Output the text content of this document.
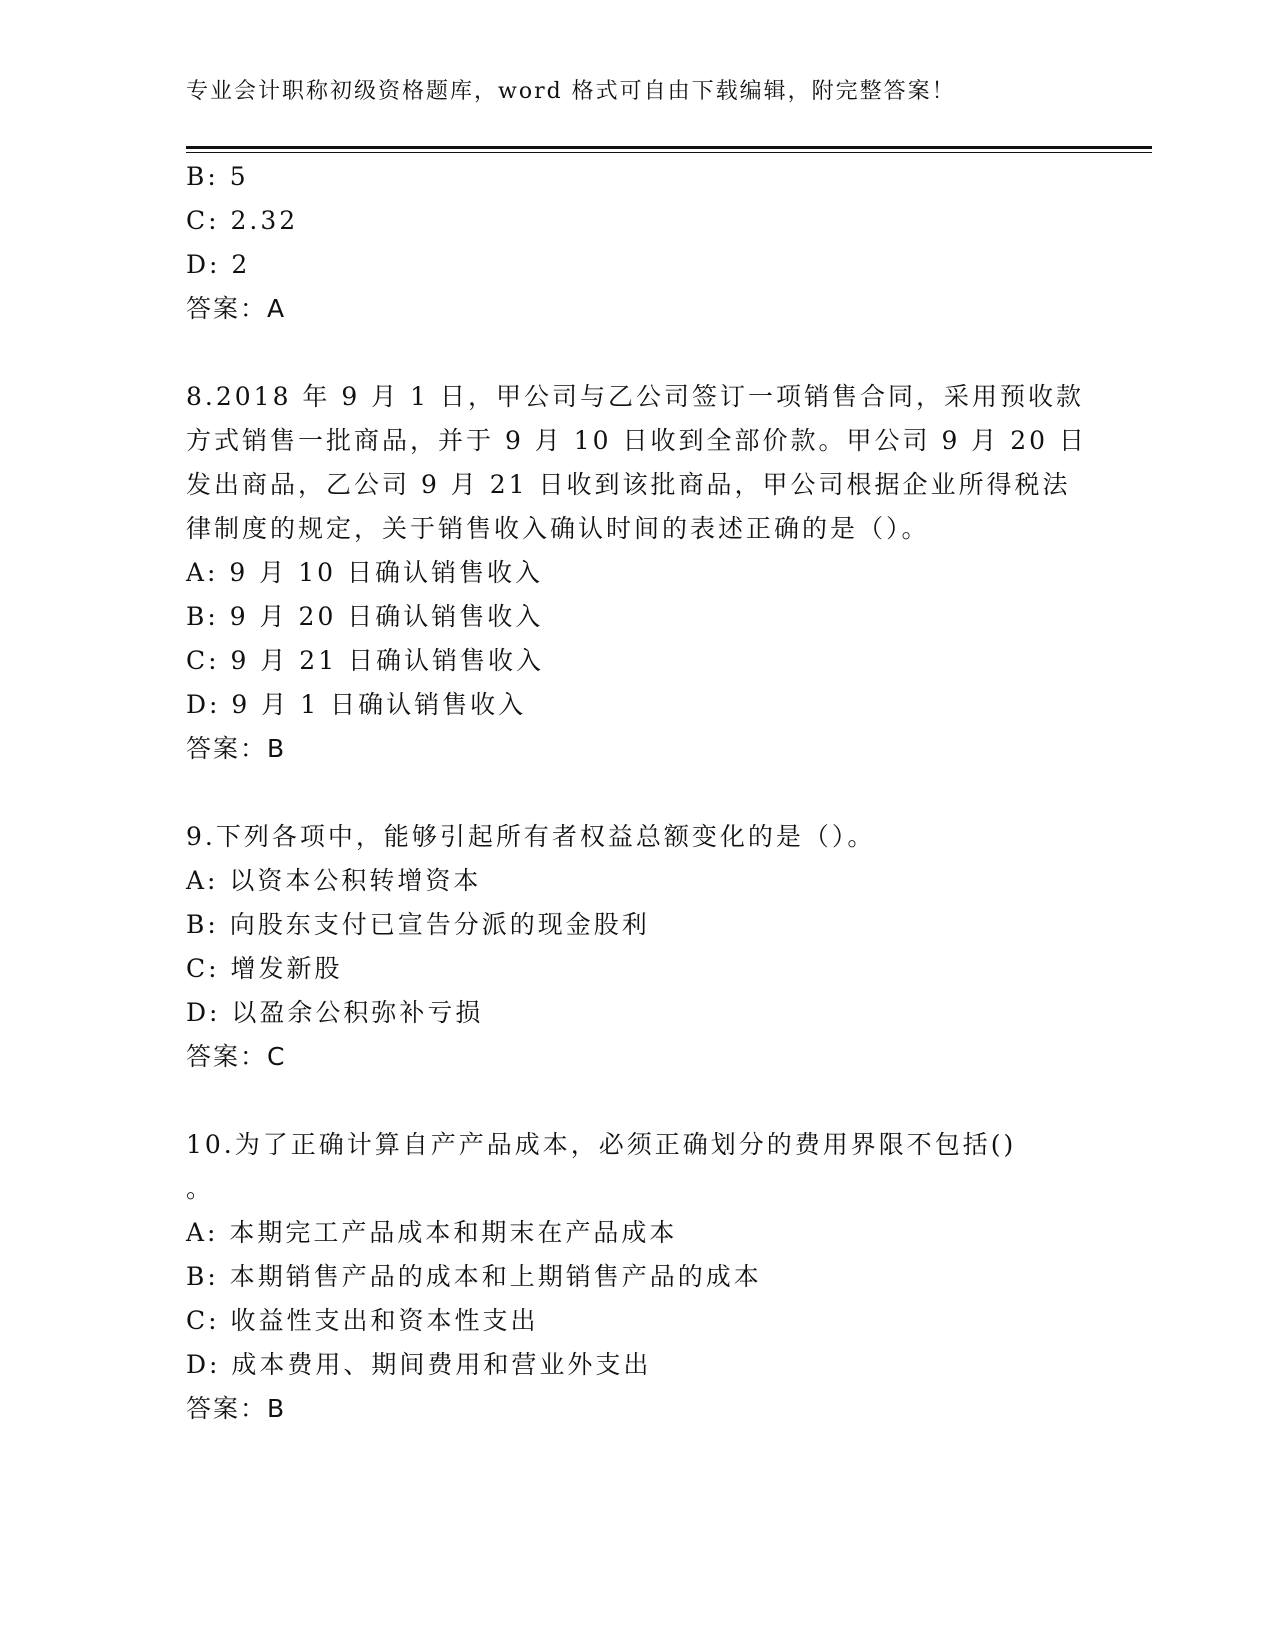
专业会计职称初级资格题库，word 格式可自由下载编辑，附完整答案！
B: 5
C: 2.32
D: 2
答案：A
8.2018 年 9 月 1 日，甲公司与乙公司签订一项销售合同，采用预收款
方式销售一批商品，并于 9 月 10 日收到全部价款。甲公司 9 月 20 日
发出商品，乙公司 9 月 21 日收到该批商品，甲公司根据企业所得税法
律制度的规定，关于销售收入确认时间的表述正确的是（）。
A: 9 月 10 日确认销售收入
B: 9 月 20 日确认销售收入
C: 9 月 21 日确认销售收入
D: 9 月 1 日确认销售收入
答案：B
9.下列各项中，能够引起所有者权益总额变化的是（）。
A: 以资本公积转增资本
B: 向股东支付已宣告分派的现金股利
C: 增发新股
D: 以盈余公积弥补亏损
答案：C
10.为了正确计算自产产品成本，必须正确划分的费用界限不包括()
。
A: 本期完工产品成本和期末在产品成本
B: 本期销售产品的成本和上期销售产品的成本
C: 收益性支出和资本性支出
D: 成本费用、期间费用和营业外支出
答案：B
